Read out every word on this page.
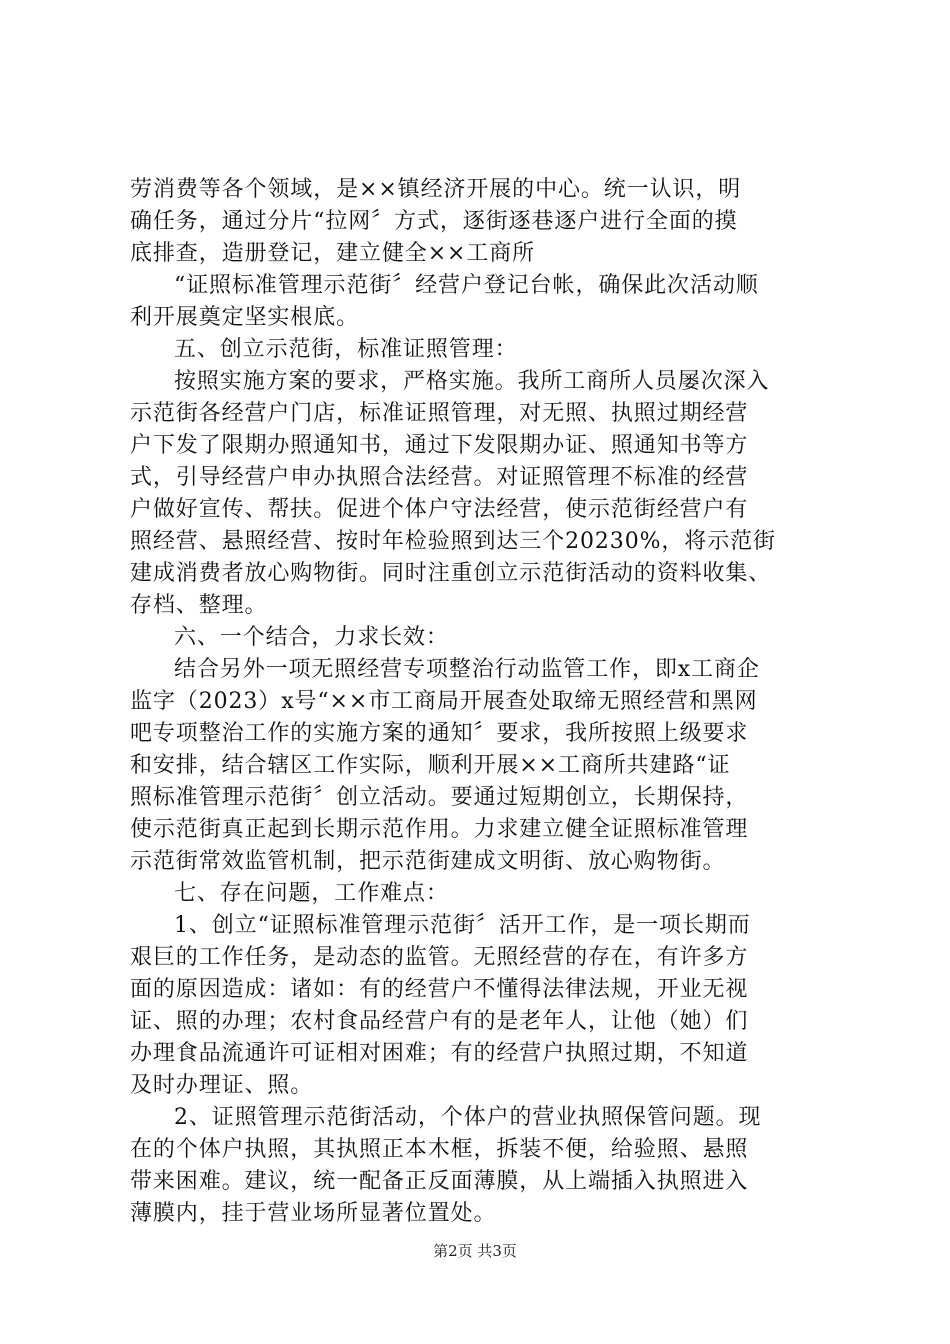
劳消费等各个领域，是××镇经济开展的中心。统一认识，明
确任务，通过分片“拉网〞方式，逐街逐巷逐户进行全面的摸
底排查，造册登记，建立健全××工商所
“证照标准管理示范街〞经营户登记台帐，确保此次活动顺
利开展奠定坚实根底。
五、创立示范街，标准证照管理：
按照实施方案的要求，严格实施。我所工商所人员屡次深入
示范街各经营户门店，标准证照管理，对无照、执照过期经营
户下发了限期办照通知书，通过下发限期办证、照通知书等方
式，引导经营户申办执照合法经营。对证照管理不标准的经营
户做好宣传、帮扶。促进个体户守法经营，使示范街经营户有
照经营、悬照经营、按时年检验照到达三个20230%，将示范街
建成消费者放心购物街。同时注重创立示范街活动的资料收集、
存档、整理。
六、一个结合，力求长效：
结合另外一项无照经营专项整治行动监管工作，即x工商企
监字（2023）x号“××市工商局开展查处取缔无照经营和黑网
吧专项整治工作的实施方案的通知〞要求，我所按照上级要求
和安排，结合辖区工作实际，顺利开展××工商所共建路“证
照标准管理示范街〞创立活动。要通过短期创立，长期保持，
使示范街真正起到长期示范作用。力求建立健全证照标准管理
示范街常效监管机制，把示范街建成文明街、放心购物街。
七、存在问题，工作难点：
1、创立“证照标准管理示范街〞活开工作，是一项长期而
艰巨的工作任务，是动态的监管。无照经营的存在，有许多方
面的原因造成：诸如：有的经营户不懂得法律法规，开业无视
证、照的办理；农村食品经营户有的是老年人，让他（她）们
办理食品流通许可证相对困难；有的经营户执照过期，不知道
及时办理证、照。
2、证照管理示范街活动，个体户的营业执照保管问题。现
在的个体户执照，其执照正本木框，拆装不便，给验照、悬照
带来困难。建议，统一配备正反面薄膜，从上端插入执照进入
薄膜内，挂于营业场所显著位置处。
第2页 共3页
